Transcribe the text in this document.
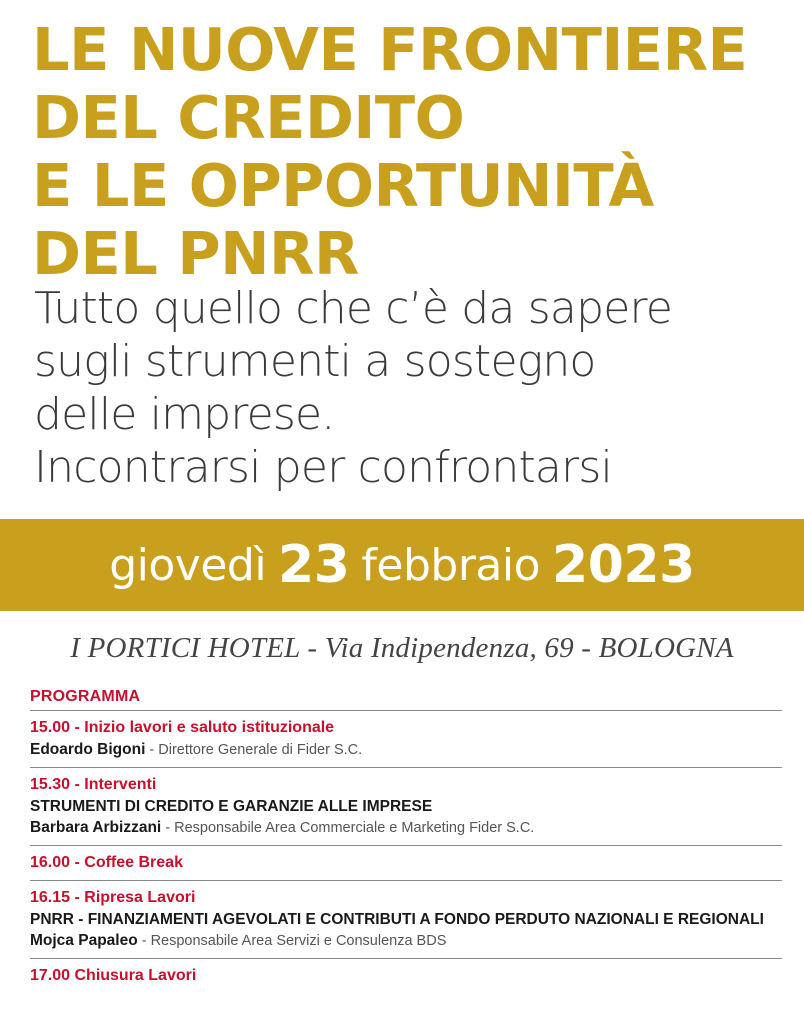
LE NUOVE FRONTIERE
DEL CREDITO
E LE OPPORTUNITÀ
DEL PNRR

Tutto quello che c’è da sapere
sugli strumenti a sostegno
delle imprese.
Incontrarsi per confrontarsi

giovedì 23 febbraio 2023
I PORTICI HOTEL - Via Indipendenza, 69 - BOLOGNA
PROGRAMMA
15.00 - Inizio lavori e saluto istituzionale
Edoardo Bigoni - Direttore Generale di Fider S.C.
15.30 - Interventi
STRUMENTI DI CREDITO E GARANZIE ALLE IMPRESE
Barbara Arbizzani - Responsabile Area Commerciale e Marketing Fider S.C.
16.00 - Coffee Break
16.15 - Ripresa Lavori
PNRR - FINANZIAMENTI AGEVOLATI E CONTRIBUTI A FONDO PERDUTO NAZIONALI E REGIONALI
Mojca Papaleo - Responsabile Area Servizi e Consulenza BDS
17.00 Chiusura Lavori
